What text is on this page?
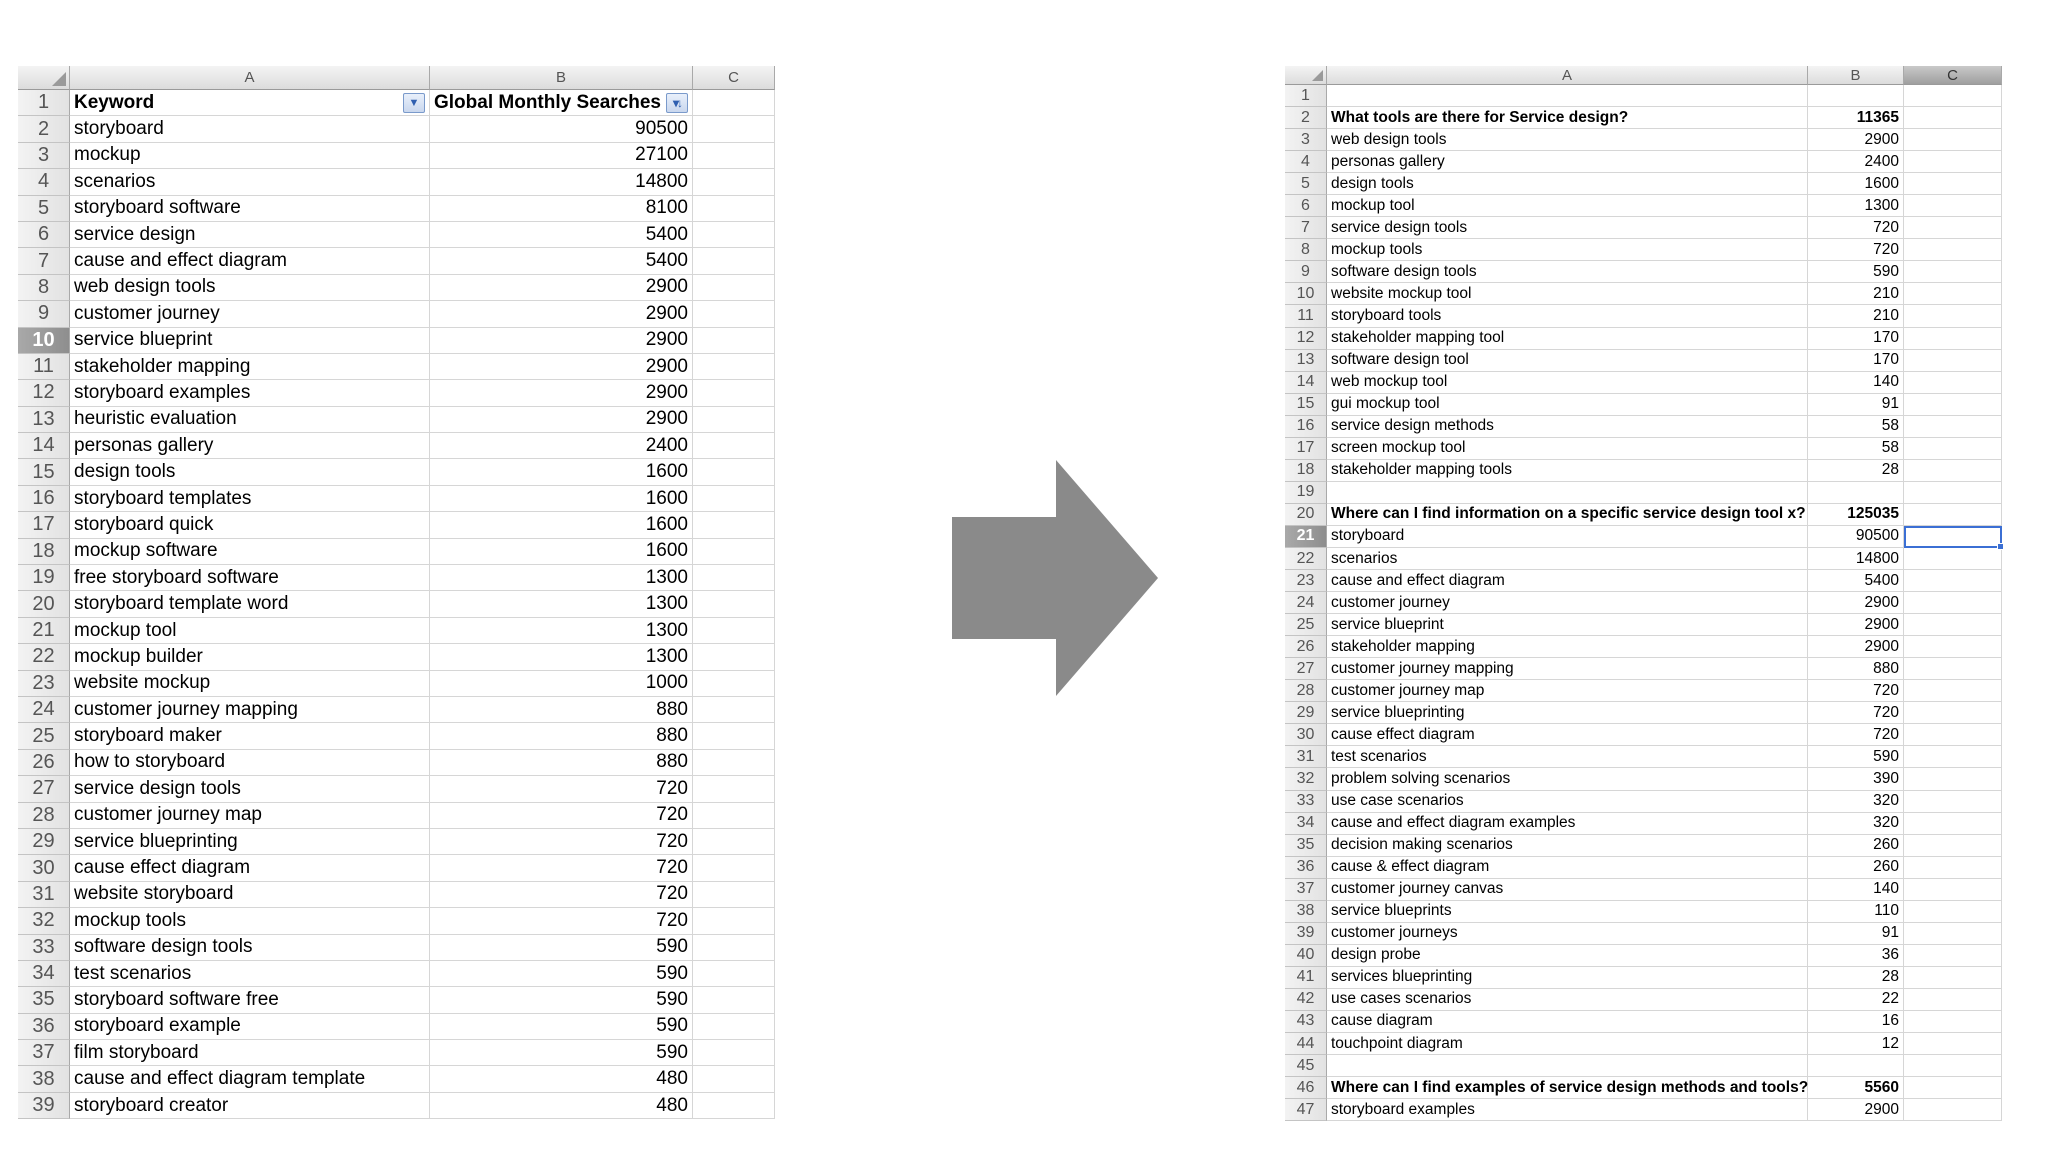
A	B	C
1	Keyword	▼ Global Monthly Searches ▾↓
2	storyboard	90500
3	mockup	27100
4	scenarios	14800
5	storyboard software	8100
6	service design	5400
7	cause and effect diagram	5400
8	web design tools	2900
9	customer journey	2900
10	service blueprint	2900
11	stakeholder mapping	2900
12	storyboard examples	2900
13	heuristic evaluation	2900
14	personas gallery	2400
15	design tools	1600
16	storyboard templates	1600
17	storyboard quick	1600
18	mockup software	1600
19	free storyboard software	1300
20	storyboard template word	1300
21	mockup tool	1300
22	mockup builder	1300
23	website mockup	1000
24	customer journey mapping	880
25	storyboard maker	880
26	how to storyboard	880
27	service design tools	720
28	customer journey map	720
29	service blueprinting	720
30	cause effect diagram	720
31	website storyboard	720
32	mockup tools	720
33	software design tools	590
34	test scenarios	590
35	storyboard software free	590
36	storyboard example	590
37	film storyboard	590
38	cause and effect diagram template	480
39	storyboard creator	480
A	B	C
1
2	What tools are there for Service design?	11365
3	web design tools	2900
4	personas gallery	2400
5	design tools	1600
6	mockup tool	1300
7	service design tools	720
8	mockup tools	720
9	software design tools	590
10	website mockup tool	210
11	storyboard tools	210
12	stakeholder mapping tool	170
13	software design tool	170
14	web mockup tool	140
15	gui mockup tool	91
16	service design methods	58
17	screen mockup tool	58
18	stakeholder mapping tools	28
19
20	Where can I find information on a specific service design tool x?	125035
21	storyboard	90500
22	scenarios	14800
23	cause and effect diagram	5400
24	customer journey	2900
25	service blueprint	2900
26	stakeholder mapping	2900
27	customer journey mapping	880
28	customer journey map	720
29	service blueprinting	720
30	cause effect diagram	720
31	test scenarios	590
32	problem solving scenarios	390
33	use case scenarios	320
34	cause and effect diagram examples	320
35	decision making scenarios	260
36	cause & effect diagram	260
37	customer journey canvas	140
38	service blueprints	110
39	customer journeys	91
40	design probe	36
41	services blueprinting	28
42	use cases scenarios	22
43	cause diagram	16
44	touchpoint diagram	12
45
46	Where can I find examples of service design methods and tools?	5560
47	storyboard examples	2900
